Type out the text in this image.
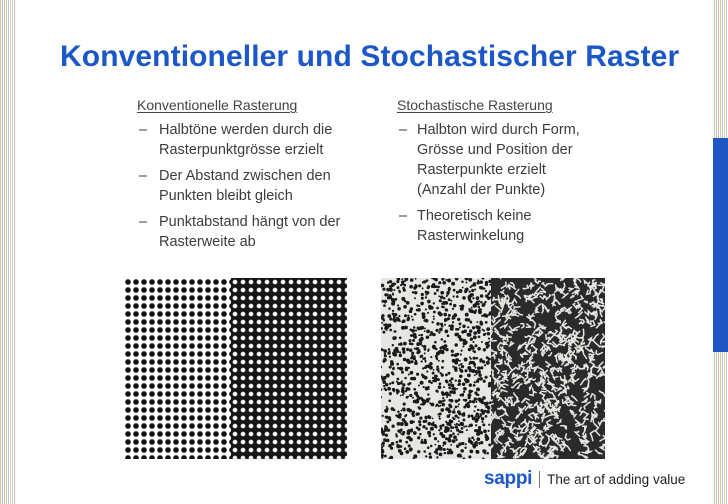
Konventioneller und Stochastischer Raster
Konventionelle Rasterung
– Halbtöne werden durch die Rasterpunktgrösse erzielt
– Der Abstand zwischen den Punkten bleibt gleich
– Punktabstand hängt von der Rasterweite ab
Stochastische Rasterung
– Halbton wird durch Form, Grösse und Position der Rasterpunkte erzielt (Anzahl der Punkte)
– Theoretisch keine Rasterwinkelung
sappi The art of adding value
